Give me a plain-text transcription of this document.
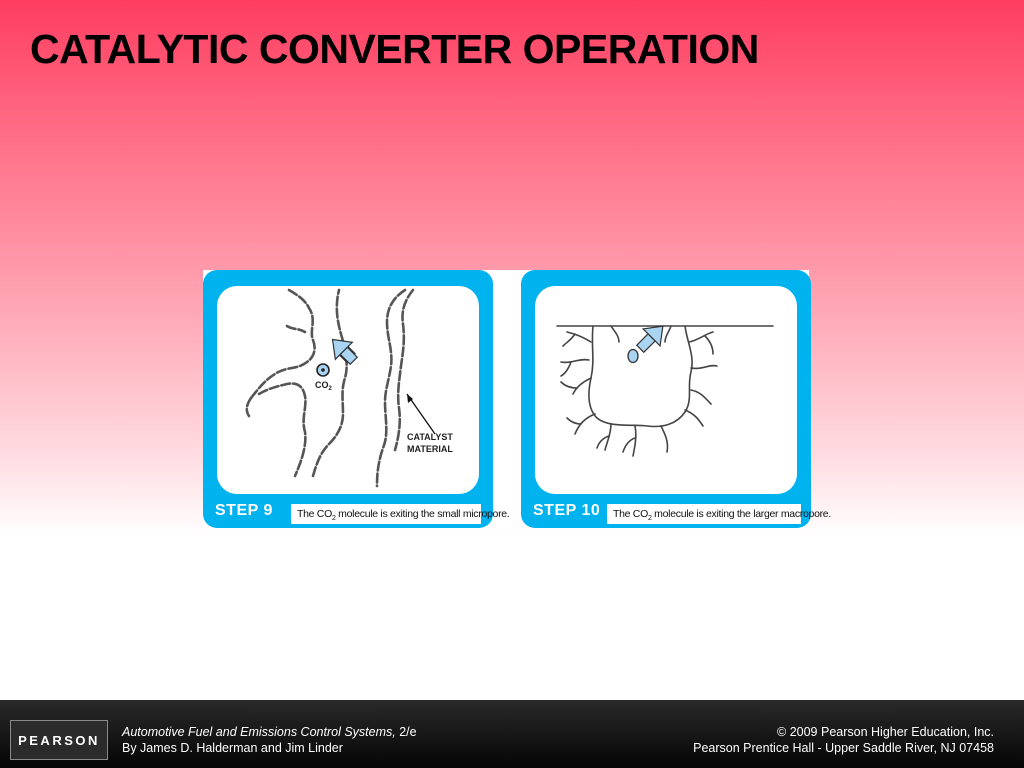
CATALYTIC CONVERTER OPERATION
$CO_2$
CATALYST
MATERIAL
STEP 9	The $CO_2$ molecule is exiting the small micropore. STEP 10	The $CO_2$ molecule is exiting the larger macropore.
PEARSON
Automotive Fuel and Emissions Control Systems, 2/e
By James D. Halderman and Jim Linder
© 2009 Pearson Higher Education, Inc.
Pearson Prentice Hall - Upper Saddle River, NJ 07458
